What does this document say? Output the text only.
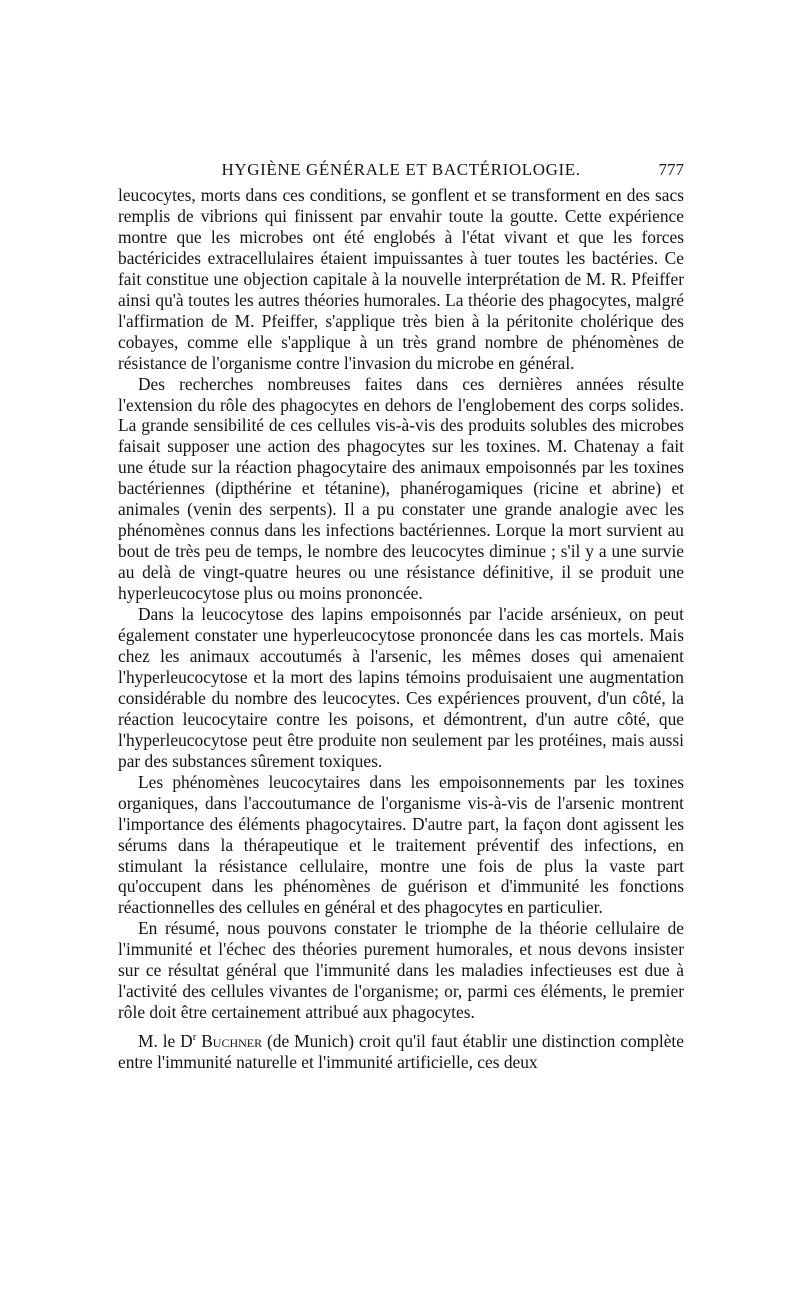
HYGIÈNE GÉNÉRALE ET BACTÉRIOLOGIE.	777

leucocytes, morts dans ces conditions, se gonflent et se transforment en des sacs remplis de vibrions qui finissent par envahir toute la goutte. Cette expérience montre que les microbes ont été englobés à l'état vivant et que les forces bactéricides extracellulaires étaient impuissantes à tuer toutes les bactéries. Ce fait constitue une objection capitale à la nouvelle interprétation de M. R. Pfeiffer ainsi qu'à toutes les autres théories humorales. La théorie des phagocytes, malgré l'affirmation de M. Pfeiffer, s'applique très bien à la péritonite cholérique des cobayes, comme elle s'applique à un très grand nombre de phénomènes de résistance de l'organisme contre l'invasion du microbe en général.

Des recherches nombreuses faites dans ces dernières années résulte l'extension du rôle des phagocytes en dehors de l'englobement des corps solides. La grande sensibilité de ces cellules vis-à-vis des produits solubles des microbes faisait supposer une action des phagocytes sur les toxines. M. Chatenay a fait une étude sur la réaction phagocytaire des animaux empoisonnés par les toxines bactériennes (dipthérine et tétanine), phanérogamiques (ricine et abrine) et animales (venin des serpents). Il a pu constater une grande analogie avec les phénomènes connus dans les infections bactériennes. Lorque la mort survient au bout de très peu de temps, le nombre des leucocytes diminue ; s'il y a une survie au delà de vingt-quatre heures ou une résistance définitive, il se produit une hyperleucocytose plus ou moins prononcée.

Dans la leucocytose des lapins empoisonnés par l'acide arsénieux, on peut également constater une hyperleucocytose prononcée dans les cas mortels. Mais chez les animaux accoutumés à l'arsenic, les mêmes doses qui amenaient l'hyperleucocytose et la mort des lapins témoins produisaient une augmentation considérable du nombre des leucocytes. Ces expériences prouvent, d'un côté, la réaction leucocytaire contre les poisons, et démontrent, d'un autre côté, que l'hyperleucocytose peut être produite non seulement par les protéines, mais aussi par des substances sûrement toxiques.

Les phénomènes leucocytaires dans les empoisonnements par les toxines organiques, dans l'accoutumance de l'organisme vis-à-vis de l'arsenic montrent l'importance des éléments phagocytaires. D'autre part, la façon dont agissent les sérums dans la thérapeutique et le traitement préventif des infections, en stimulant la résistance cellulaire, montre une fois de plus la vaste part qu'occupent dans les phénomènes de guérison et d'immunité les fonctions réactionnelles des cellules en général et des phagocytes en particulier.

En résumé, nous pouvons constater le triomphe de la théorie cellulaire de l'immunité et l'échec des théories purement humorales, et nous devons insister sur ce résultat général que l'immunité dans les maladies infectieuses est due à l'activité des cellules vivantes de l'organisme; or, parmi ces éléments, le premier rôle doit être certainement attribué aux phagocytes.

M. le $D^r$ Buchner (de Munich) croit qu'il faut établir une distinction complète entre l'immunité naturelle et l'immunité artificielle, ces deux
